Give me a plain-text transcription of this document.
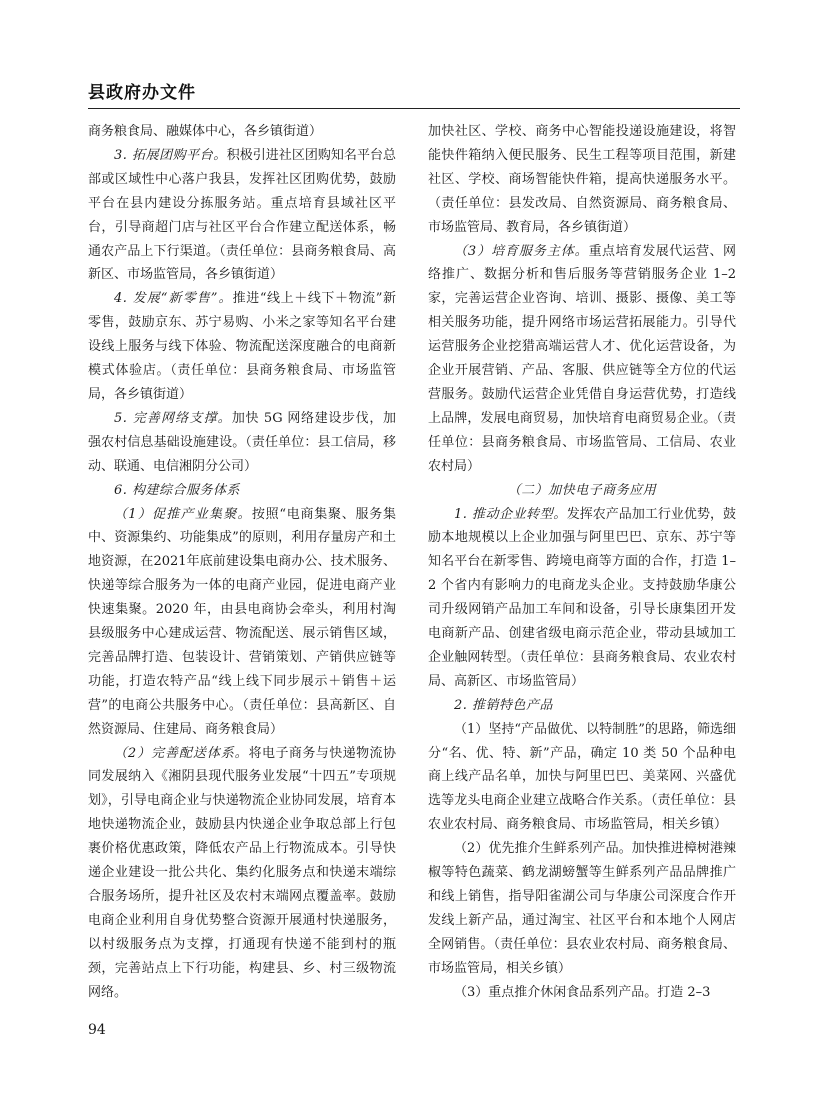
县政府办文件

商务粮食局、融媒体中心，各乡镇街道）

3. 拓展团购平台。积极引进社区团购知名平台总部或区域性中心落户我县，发挥社区团购优势，鼓励平台在县内建设分拣服务站。重点培育县域社区平台，引导商超门店与社区平台合作建立配送体系，畅通农产品上下行渠道。（责任单位：县商务粮食局、高新区、市场监管局，各乡镇街道）

4. 发展“新零售”。推进“线上＋线下＋物流”新零售，鼓励京东、苏宁易购、小米之家等知名平台建设线上服务与线下体验、物流配送深度融合的电商新模式体验店。（责任单位：县商务粮食局、市场监管局，各乡镇街道）

5. 完善网络支撑。加快 5G 网络建设步伐，加强农村信息基础设施建设。（责任单位：县工信局，移动、联通、电信湘阴分公司）

6. 构建综合服务体系

（1）促推产业集聚。按照“电商集聚、服务集中、资源集约、功能集成”的原则，利用存量房产和土地资源，在2021年底前建设集电商办公、技术服务、快递等综合服务为一体的电商产业园，促进电商产业快速集聚。2020 年，由县电商协会牵头，利用村淘县级服务中心建成运营、物流配送、展示销售区域，完善品牌打造、包装设计、营销策划、产销供应链等功能，打造农特产品“线上线下同步展示＋销售＋运营”的电商公共服务中心。（责任单位：县高新区、自然资源局、住建局、商务粮食局）

（2）完善配送体系。将电子商务与快递物流协同发展纳入《湘阴县现代服务业发展“十四五”专项规划》，引导电商企业与快递物流企业协同发展，培育本地快递物流企业，鼓励县内快递企业争取总部上行包裹价格优惠政策，降低农产品上行物流成本。引导快递企业建设一批公共化、集约化服务点和快递末端综合服务场所，提升社区及农村末端网点覆盖率。鼓励电商企业利用自身优势整合资源开展通村快递服务，以村级服务点为支撑，打通现有快递不能到村的瓶颈，完善站点上下行功能，构建县、乡、村三级物流网络。

加快社区、学校、商务中心智能投递设施建设，将智能快件箱纳入便民服务、民生工程等项目范围，新建社区、学校、商场智能快件箱，提高快递服务水平。（责任单位：县发改局、自然资源局、商务粮食局、市场监管局、教育局，各乡镇街道）

（3）培育服务主体。重点培育发展代运营、网络推广、数据分析和售后服务等营销服务企业 1–2 家，完善运营企业咨询、培训、摄影、摄像、美工等相关服务功能，提升网络市场运营拓展能力。引导代运营服务企业挖猎高端运营人才、优化运营设备，为企业开展营销、产品、客服、供应链等全方位的代运营服务。鼓励代运营企业凭借自身运营优势，打造线上品牌，发展电商贸易，加快培育电商贸易企业。（责任单位：县商务粮食局、市场监管局、工信局、农业农村局）

（二）加快电子商务应用

1. 推动企业转型。发挥农产品加工行业优势，鼓励本地规模以上企业加强与阿里巴巴、京东、苏宁等知名平台在新零售、跨境电商等方面的合作，打造 1–2 个省内有影响力的电商龙头企业。支持鼓励华康公司升级网销产品加工车间和设备，引导长康集团开发电商新产品、创建省级电商示范企业，带动县域加工企业触网转型。（责任单位：县商务粮食局、农业农村局、高新区、市场监管局）

2. 推销特色产品

（1）坚持“产品做优、以特制胜”的思路，筛选细分“名、优、特、新”产品，确定 10 类 50 个品种电商上线产品名单，加快与阿里巴巴、美菜网、兴盛优选等龙头电商企业建立战略合作关系。（责任单位：县农业农村局、商务粮食局、市场监管局，相关乡镇）

（2）优先推介生鲜系列产品。加快推进樟树港辣椒等特色蔬菜、鹤龙湖螃蟹等生鲜系列产品品牌推广和线上销售，指导阳雀湖公司与华康公司深度合作开发线上新产品，通过淘宝、社区平台和本地个人网店全网销售。（责任单位：县农业农村局、商务粮食局、市场监管局，相关乡镇）

（3）重点推介休闲食品系列产品。打造 2–3

94
